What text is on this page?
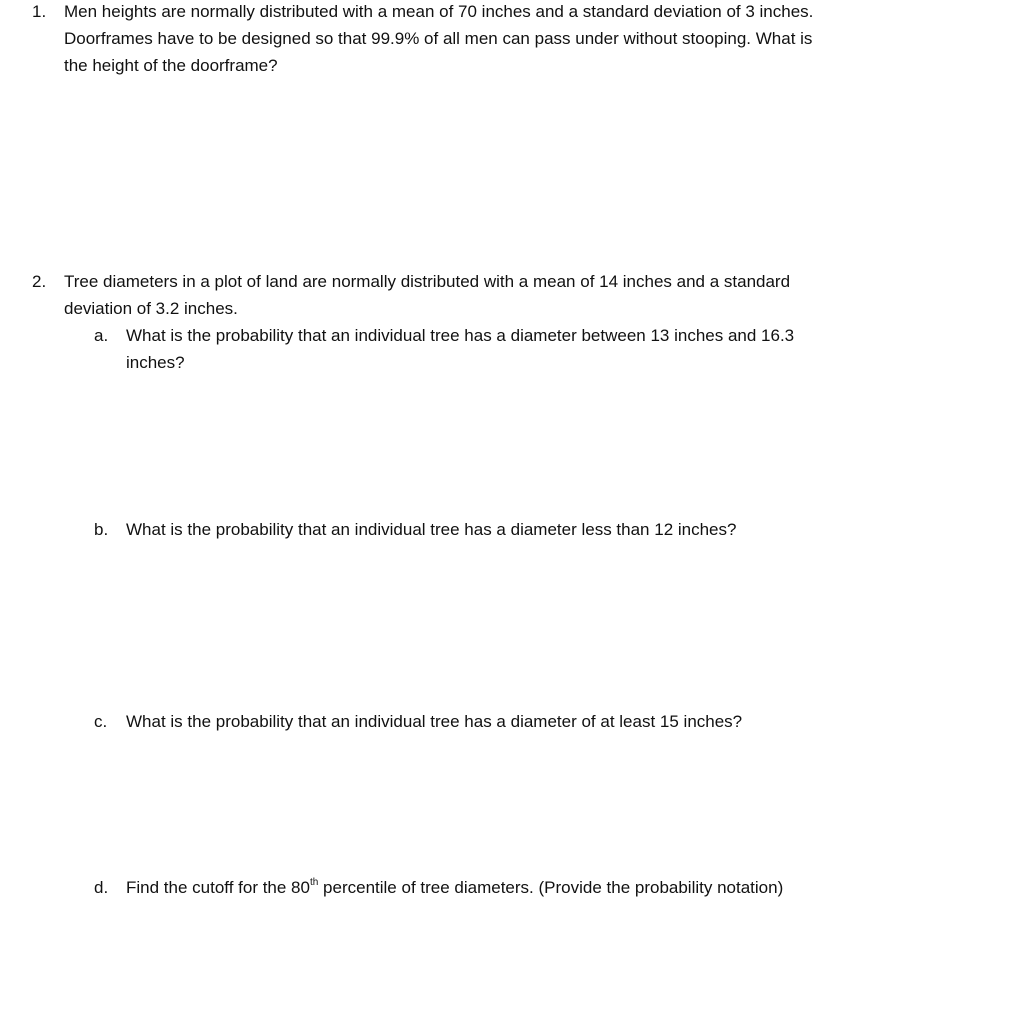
1.	Men heights are normally distributed with a mean of 70 inches and a standard deviation of 3 inches.
Doorframes have to be designed so that 99.9% of all men can pass under without stooping. What is
the height of the doorframe?
2.	Tree diameters in a plot of land are normally distributed with a mean of 14 inches and a standard
deviation of 3.2 inches.
a.	What is the probability that an individual tree has a diameter between 13 inches and 16.3
inches?
b.	What is the probability that an individual tree has a diameter less than 12 inches?
c.	What is the probability that an individual tree has a diameter of at least 15 inches?
d.	Find the cutoff for the 80th percentile of tree diameters. (Provide the probability notation)
